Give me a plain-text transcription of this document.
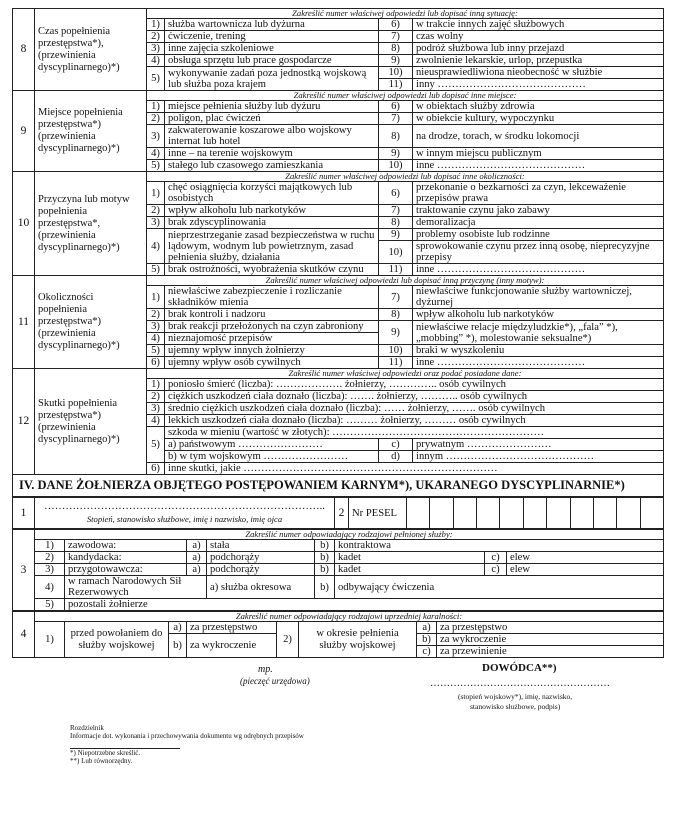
8	Czas popełnienia przestępstwa*), (przewinienia dyscyplinarnego)*)	Zakreślić numer właściwej odpowiedzi lub dopisać inną sytuację:			
		1)	służba wartownicza lub dyżurna	6)	w trakcie innych zajęć służbowych
		2)	ćwiczenie, trening	7)	czas wolny
		3)	inne zajęcia szkoleniowe	8)	podróż służbowa lub inny przejazd
		4)	obsługa sprzętu lub prace gospodarcze	9)	zwolnienie lekarskie, urlop, przepustka
		5)	wykonywanie zadań poza jednostką wojskową lub służba poza krajem	10)	nieusprawiedliwiona nieobecność w służbie
				11)	inny ……………………………………
9	Miejsce popełnienia przestępstwa*) (przewinienia dyscyplinarnego)*)	Zakreślić numer właściwej odpowiedzi lub dopisać inne miejsce:			
		1)	miejsce pełnienia służby lub dyżuru	6)	w obiektach służby zdrowia
		2)	poligon, plac ćwiczeń	7)	w obiekcie kultury, wypoczynku
		3)	zakwaterowanie koszarowe albo wojskowy internat lub hotel	8)	na drodze, torach, w środku lokomocji
		4)	inne – na terenie wojskowym	9)	w innym miejscu publicznym
		5)	stałego lub czasowego zamieszkania	10)	inne ……………………………………
10	Przyczyna lub motyw popełnienia przestępstwa*, (przewinienia dyscyplinarnego)*)	Zakreślić numer właściwej odpowiedzi lub dopisać inne okoliczności:			
		1)	chęć osiągnięcia korzyści majątkowych lub osobistych	6)	przekonanie o bezkarności za czyn, lekceważenie przepisów prawa
		2)	wpływ alkoholu lub narkotyków	7)	traktowanie czynu jako zabawy
		3)	brak zdyscyplinowania	8)	demoralizacja
		4)	nieprzestrzeganie zasad bezpieczeństwa w ruchu lądowym, wodnym lub powietrznym, zasad pełnienia służby, działania	9)	problemy osobiste lub rodzinne
				10)	sprowokowanie czynu przez inną osobę, nieprecyzyjne przepisy
		5)	brak ostrożności, wyobrażenia skutków czynu	11)	inne ……………………………………
11	Okoliczności popełnienia przestępstwa*) (przewinienia dyscyplinarnego)*)	Zakreślić numer właściwej odpowiedzi lub dopisać inną przyczynę (inny motyw):			
		1)	niewłaściwe zabezpieczenie i rozliczanie składników mienia	7)	niewłaściwe funkcjonowanie służby wartowniczej, dyżurnej
		2)	brak kontroli i nadzoru	8)	wpływ alkoholu lub narkotyków
		3)	brak reakcji przełożonych na czyn zabroniony	9)	niewłaściwe relacje międzyludzkie*), „fala” *), „mobbing” *), molestowanie seksualne*)
		4)	nieznajomość przepisów		
		5)	ujemny wpływ innych żołnierzy	10)	braki w wyszkoleniu
		6)	ujemny wpływ osób cywilnych	11)	inne ……………………………………
12	Skutki popełnienia przestępstwa*) (przewinienia dyscyplinarnego)*)	Zakreślić numer właściwej odpowiedzi oraz podać posiadane dane:			
		1)	poniosło śmierć (liczba): ………………. żołnierzy, ………….. osób cywilnych		
		2)	ciężkich uszkodzeń ciała doznało (liczba): ……. żołnierzy, ……….. osób cywilnych		
		3)	średnio ciężkich uszkodzeń ciała doznało (liczba): …… żołnierzy, ……. osób cywilnych		
		4)	lekkich uszkodzeń ciała doznało (liczba): ……… żołnierzy, ……… osób cywilnych		
		5)	szkoda w mieniu (wartość w złotych): ……………………………………………………		
			a) państwowym ……………………	c)	prywatnym ……………………
			b) w tym wojskowym ……………………	d)	innym ……………………………………
		6)	inne skutki, jakie ………………………………………………………………		
IV. DANE ŻOŁNIERZA OBJĘTEGO POSTĘPOWANIEM KARNYM*), UKARANEGO DYSCYPLINARNIE*)
1	……………………………………………………………………..
Stopień, stanowisko służbowe, imię i nazwisko, imię ojca
	2	Nr PESEL	
3	Zakreślić numer odpowiadający rodzajowi pełnionej służby:							
	1)	zawodowa:	a)	stała	b)	kontraktowa		
	2)	kandydacka:	a)	podchorąży	b)	kadet	c)	elew
	3)	przygotowawcza:	a)	podchorąży	b)	kadet	c)	elew
	4)	w ramach Narodowych Sił Rezerwowych		a) służba okresowa	b)	odbywający ćwiczenia		
	5)	pozostali żołnierze						
4	Zakreślić numer odpowiadający rodzajowi uprzedniej karalności:							
	1)	przed powołaniem do służby wojskowej	a)	za przestępstwo	2)	w okresie pełnienia służby wojskowej	a)	za przestępstwo
			b)	za wykroczenie			b)	za wykroczenie
							c)	za przewinienie
mp.
(pieczęć urzędowa)
DOWÓDCA**)
………………………………………………
(stopień wojskowy*), imię, nazwisko,
stanowisko służbowe, podpis)
Rozdzielnik
Informacje dot. wykonania i przechowywania dokumentu wg odrębnych przepisów
*) Niepotrzebne skreślić.
**) Lub równorzędny.
